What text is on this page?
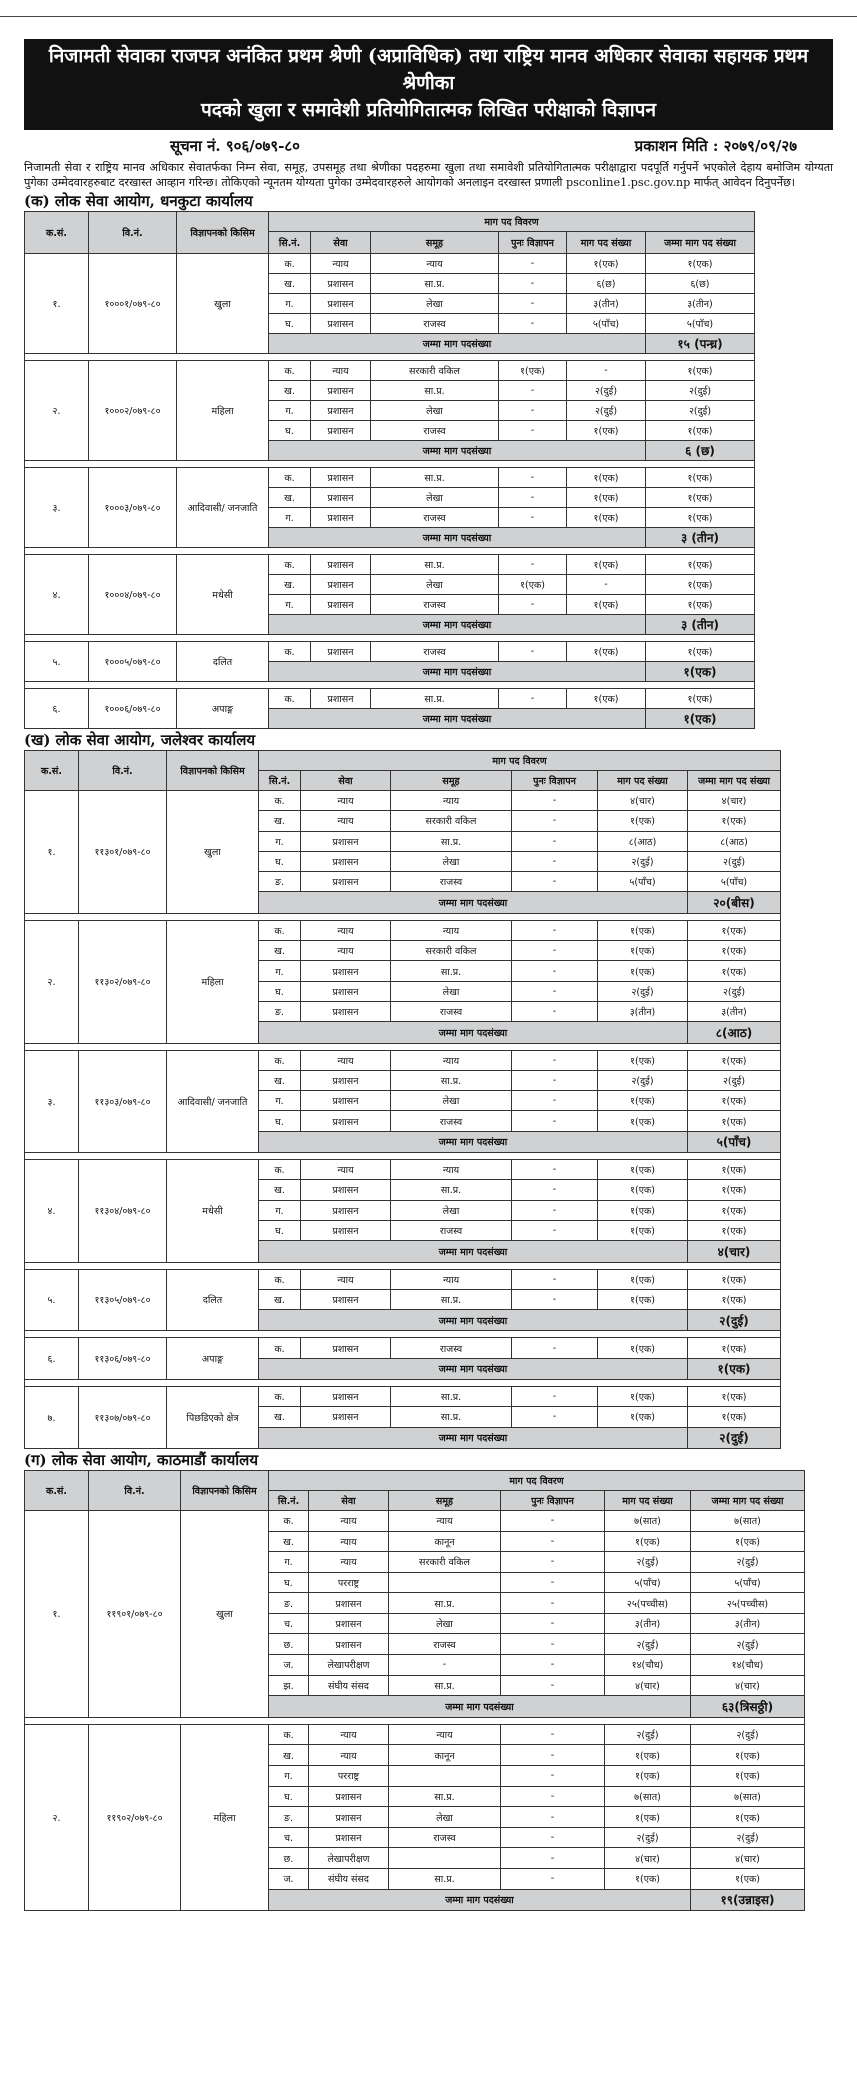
निजामती सेवाका राजपत्र अनंकित प्रथम श्रेणी (अप्राविधिक) तथा राष्ट्रिय मानव अधिकार सेवाका सहायक प्रथम श्रेणीका
पदको खुला र समावेशी प्रतियोगितात्मक लिखित परीक्षाको विज्ञापन
सूचना नं. ९०६/०७९-८०	प्रकाशन मिति : २०७९/०९/२७
निजामती सेवा र राष्ट्रिय मानव अधिकार सेवातर्फका निम्न सेवा, समूह, उपसमूह तथा श्रेणीका पदहरुमा खुला तथा समावेशी प्रतियोगितात्मक परीक्षाद्वारा पदपूर्ति गर्नुपर्ने भएकोले देहाय बमोजिम योग्यता पुगेका उम्मेदवारहरुबाट दरखास्त आव्हान गरिन्छ। तोकिएको न्यूनतम योग्यता पुगेका उम्मेदवारहरुले आयोगको अनलाइन दरखास्त प्रणाली psconline1.psc.gov.np मार्फत् आवेदन दिनुपर्नेछ।
(क) लोक सेवा आयोग, धनकुटा कार्यालय
क.सं.	वि.नं.	विज्ञापनको किसिम	माग पद विवरण					
			सि.नं.	सेवा	समूह	पुनः विज्ञापन	माग पद संख्या	जम्मा माग पद संख्या
१.	१०००१/०७९-८०	खुला	क.	न्याय	न्याय	-	१(एक)	१(एक)
			ख.	प्रशासन	सा.प्र.	-	६(छ)	६(छ)
			ग.	प्रशासन	लेखा	-	३(तीन)	३(तीन)
			घ.	प्रशासन	राजस्व	-	५(पाँच)	५(पाँच)
			जम्मा माग पदसंख्या					१५ (पन्ध्र)

२.	१०००२/०७९-८०	महिला	क.	न्याय	सरकारी वकिल	१(एक)	-	१(एक)
			ख.	प्रशासन	सा.प्र.	-	२(दुई)	२(दुई)
			ग.	प्रशासन	लेखा	-	२(दुई)	२(दुई)
			घ.	प्रशासन	राजस्व	-	१(एक)	१(एक)
			जम्मा माग पदसंख्या					६ (छ)

३.	१०००३/०७९-८०	आदिवासी/ जनजाति	क.	प्रशासन	सा.प्र.	-	१(एक)	१(एक)
			ख.	प्रशासन	लेखा	-	१(एक)	१(एक)
			ग.	प्रशासन	राजस्व	-	१(एक)	१(एक)
			जम्मा माग पदसंख्या					३ (तीन)

४.	१०००४/०७९-८०	मधेसी	क.	प्रशासन	सा.प्र.	-	१(एक)	१(एक)
			ख.	प्रशासन	लेखा	१(एक)	-	१(एक)
			ग.	प्रशासन	राजस्व	-	१(एक)	१(एक)
			जम्मा माग पदसंख्या					३ (तीन)

५.	१०००५/०७९-८०	दलित	क.	प्रशासन	राजस्व	-	१(एक)	१(एक)
			जम्मा माग पदसंख्या					१(एक)

६.	१०००६/०७९-८०	अपाङ्ग	क.	प्रशासन	सा.प्र.	-	१(एक)	१(एक)
			जम्मा माग पदसंख्या					१(एक)
(ख) लोक सेवा आयोग, जलेश्वर कार्यालय
क.सं.	वि.नं.	विज्ञापनको किसिम	माग पद विवरण					
			सि.नं.	सेवा	समूह	पुनः विज्ञापन	माग पद संख्या	जम्मा माग पद संख्या
१.	११३०१/०७९-८०	खुला	क.	न्याय	न्याय	-	४(चार)	४(चार)
			ख.	न्याय	सरकारी वकिल	-	१(एक)	१(एक)
			ग.	प्रशासन	सा.प्र.	-	८(आठ)	८(आठ)
			घ.	प्रशासन	लेखा	-	२(दुई)	२(दुई)
			ङ.	प्रशासन	राजस्व	-	५(पाँच)	५(पाँच)
			जम्मा माग पदसंख्या					२०(बीस)

२.	११३०२/०७९-८०	महिला	क.	न्याय	न्याय	-	१(एक)	१(एक)
			ख.	न्याय	सरकारी वकिल	-	१(एक)	१(एक)
			ग.	प्रशासन	सा.प्र.	-	१(एक)	१(एक)
			घ.	प्रशासन	लेखा	-	२(दुई)	२(दुई)
			ङ.	प्रशासन	राजस्व	-	३(तीन)	३(तीन)
			जम्मा माग पदसंख्या					८(आठ)

३.	११३०३/०७९-८०	आदिवासी/ जनजाति	क.	न्याय	न्याय	-	१(एक)	१(एक)
			ख.	प्रशासन	सा.प्र.	-	२(दुई)	२(दुई)
			ग.	प्रशासन	लेखा	-	१(एक)	१(एक)
			घ.	प्रशासन	राजस्व	-	१(एक)	१(एक)
			जम्मा माग पदसंख्या					५(पाँच)

४.	११३०४/०७९-८०	मधेसी	क.	न्याय	न्याय	-	१(एक)	१(एक)
			ख.	प्रशासन	सा.प्र.	-	१(एक)	१(एक)
			ग.	प्रशासन	लेखा	-	१(एक)	१(एक)
			घ.	प्रशासन	राजस्व	-	१(एक)	१(एक)
			जम्मा माग पदसंख्या					४(चार)

५.	११३०५/०७९-८०	दलित	क.	न्याय	न्याय	-	१(एक)	१(एक)
			ख.	प्रशासन	सा.प्र.	-	१(एक)	१(एक)
			जम्मा माग पदसंख्या					२(दुई)

६.	११३०६/०७९-८०	अपाङ्ग	क.	प्रशासन	राजस्व	-	१(एक)	१(एक)
			जम्मा माग पदसंख्या					१(एक)

७.	११३०७/०७९-८०	पिछडिएको क्षेत्र	क.	प्रशासन	सा.प्र.	-	१(एक)	१(एक)
			ख.	प्रशासन	सा.प्र.	-	१(एक)	१(एक)
			जम्मा माग पदसंख्या					२(दुई)
(ग) लोक सेवा आयोग, काठमाडौं कार्यालय
क.सं.	वि.नं.	विज्ञापनको किसिम	माग पद विवरण					
			सि.नं.	सेवा	समूह	पुनः विज्ञापन	माग पद संख्या	जम्मा माग पद संख्या
१.	११९०१/०७९-८०	खुला	क.	न्याय	न्याय	-	७(सात)	७(सात)
			ख.	न्याय	कानून	-	१(एक)	१(एक)
			ग.	न्याय	सरकारी वकिल	-	२(दुई)	२(दुई)
			घ.	परराष्ट्र		-	५(पाँच)	५(पाँच)
			ङ.	प्रशासन	सा.प्र.	-	२५(पच्चीस)	२५(पच्चीस)
			च.	प्रशासन	लेखा	-	३(तीन)	३(तीन)
			छ.	प्रशासन	राजस्व	-	२(दुई)	२(दुई)
			ज.	लेखापरीक्षण	-	-	१४(चौध)	१४(चौध)
			झ.	संघीय संसद	सा.प्र.	-	४(चार)	४(चार)
			जम्मा माग पदसंख्या					६३(त्रिसठ्ठी)

२.	११९०२/०७९-८०	महिला	क.	न्याय	न्याय	-	२(दुई)	२(दुई)
			ख.	न्याय	कानून	-	१(एक)	१(एक)
			ग.	परराष्ट्र		-	१(एक)	१(एक)
			घ.	प्रशासन	सा.प्र.	-	७(सात)	७(सात)
			ङ.	प्रशासन	लेखा	-	१(एक)	१(एक)
			च.	प्रशासन	राजस्व	-	२(दुई)	२(दुई)
			छ.	लेखापरीक्षण		-	४(चार)	४(चार)
			ज.	संघीय संसद	सा.प्र.	-	१(एक)	१(एक)
			जम्मा माग पदसंख्या					१९(उन्नाइस)
